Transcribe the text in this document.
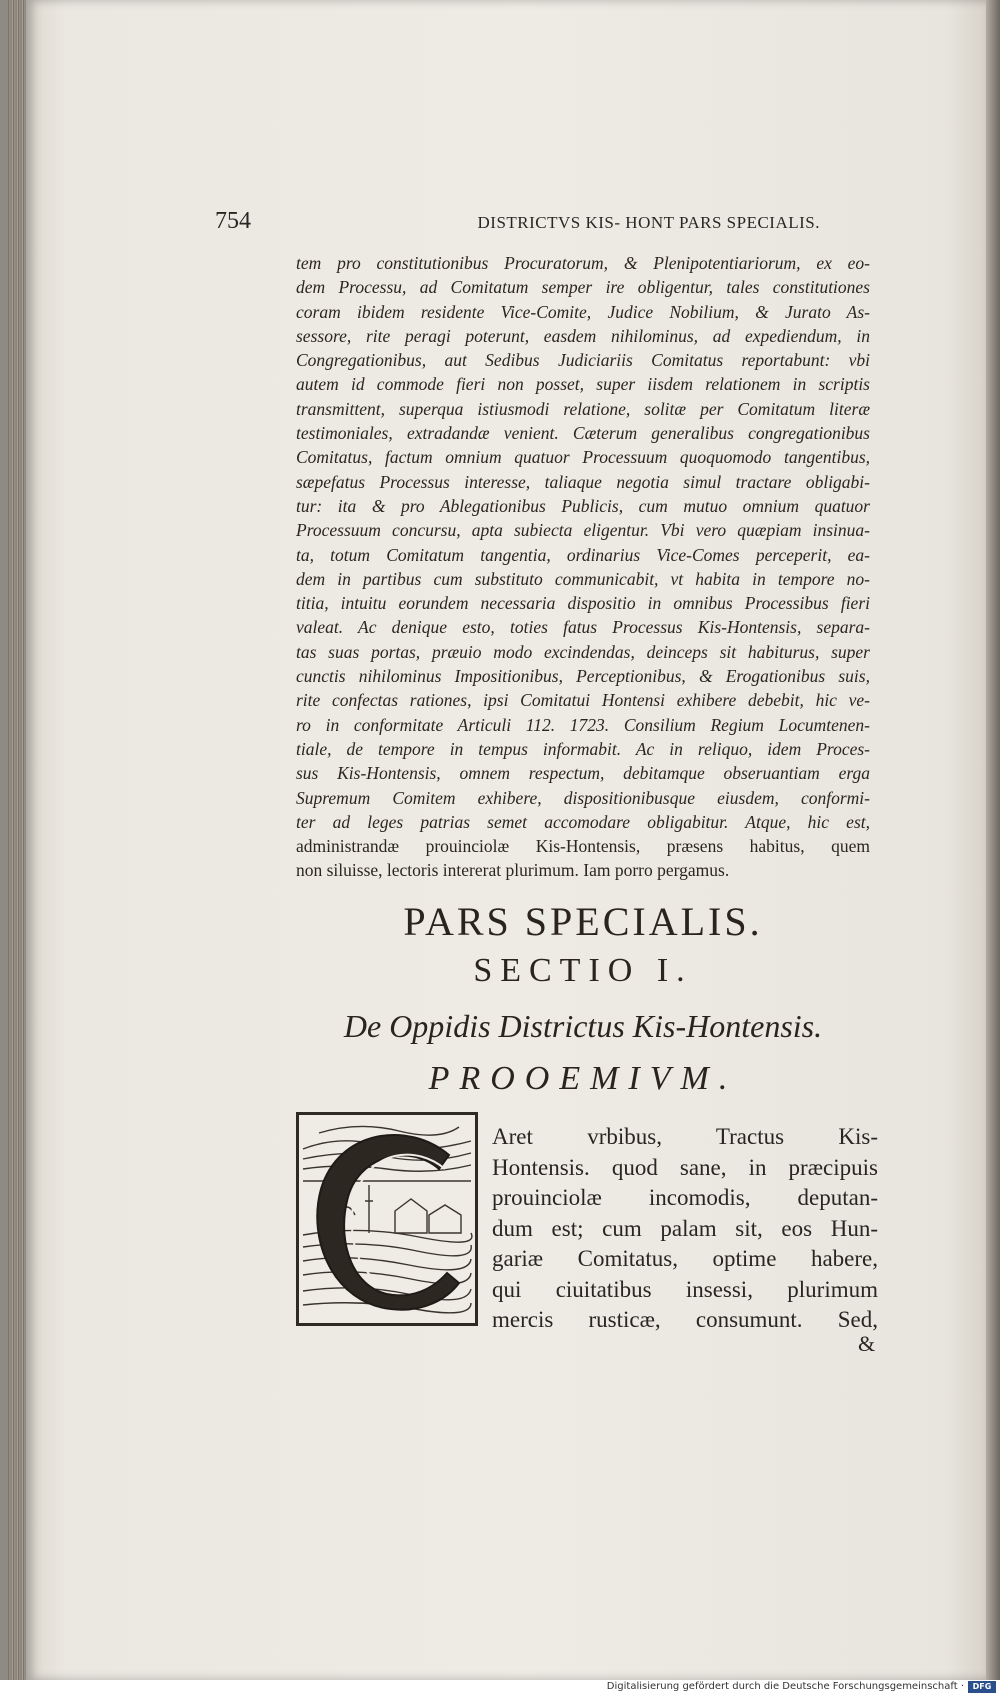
754	DISTRICTVS KIS- HONT PARS SPECIALIS.
tem pro constitutionibus Procuratorum, & Plenipotentiariorum, ex eo-
dem Processu, ad Comitatum semper ire obligentur, tales constitutiones
coram ibidem residente Vice-Comite, Judice Nobilium, & Jurato As-
sessore, rite peragi poterunt, easdem nihilominus, ad expediendum, in
Congregationibus, aut Sedibus Judiciariis Comitatus reportabunt: vbi
autem id commode fieri non posset, super iisdem relationem in scriptis
transmittent, superqua istiusmodi relatione, solitæ per Comitatum literæ
testimoniales, extradandæ venient. Cæterum generalibus congregationibus
Comitatus, factum omnium quatuor Processuum quoquomodo tangentibus,
sæpefatus Processus interesse, taliaque negotia simul tractare obligabi-
tur: ita & pro Ablegationibus Publicis, cum mutuo omnium quatuor
Processuum concursu, apta subiecta eligentur. Vbi vero quæpiam insinua-
ta, totum Comitatum tangentia, ordinarius Vice-Comes perceperit, ea-
dem in partibus cum substituto communicabit, vt habita in tempore no-
titia, intuitu eorundem necessaria dispositio in omnibus Processibus fieri
valeat. Ac denique esto, toties fatus Processus Kis-Hontensis, separa-
tas suas portas, præuio modo excindendas, deinceps sit habiturus, super
cunctis nihilominus Impositionibus, Perceptionibus, & Erogationibus suis,
rite confectas rationes, ipsi Comitatui Hontensi exhibere debebit, hic ve-
ro in conformitate Articuli 112. 1723. Consilium Regium Locumtenen-
tiale, de tempore in tempus informabit. Ac in reliquo, idem Proces-
sus Kis-Hontensis, omnem respectum, debitamque obseruantiam erga
Supremum Comitem exhibere, dispositionibusque eiusdem, conformi-
ter ad leges patrias semet accomodare obligabitur. Atque, hic est,
administrandæ prouinciolæ Kis-Hontensis, præsens habitus, quem
non siluisse, lectoris intererat plurimum. Iam porro pergamus.
PARS SPECIALIS.
SECTIO I.
De Oppidis Districtus Kis-Hontensis.
PROOEMIVM.
Aret vrbibus, Tractus Kis-
Hontensis. quod sane, in præcipuis
prouinciolæ incomodis, deputan-
dum est; cum palam sit, eos Hun-
gariæ Comitatus, optime habere,
qui ciuitatibus insessi, plurimum
mercis rusticæ, consumunt. Sed,
&
Digitalisierung gefördert durch die Deutsche Forschungsgemeinschaft ·	DFG
